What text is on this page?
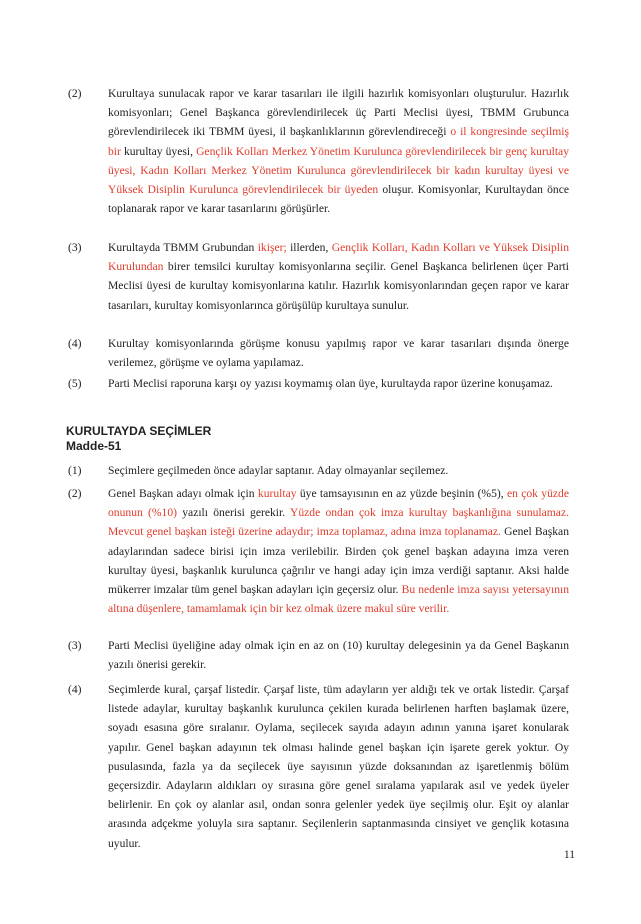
(2)	Kurultaya sunulacak rapor ve karar tasarıları ile ilgili hazırlık komisyonları oluşturulur. Hazırlık komisyonları; Genel Başkanca görevlendirilecek üç Parti Meclisi üyesi, TBMM Grubunca görevlendirilecek iki TBMM üyesi, il başkanlıklarının görevlendireceği o il kongresinde seçilmiş bir kurultay üyesi, Gençlik Kolları Merkez Yönetim Kurulunca görevlendirilecek bir genç kurultay üyesi, Kadın Kolları Merkez Yönetim Kurulunca görevlendirilecek bir kadın kurultay üyesi ve Yüksek Disiplin Kurulunca görevlendirilecek bir üyeden oluşur. Komisyonlar, Kurultaydan önce toplanarak rapor ve karar tasarılarını görüşürler.
(3)	Kurultayda TBMM Grubundan ikişer; illerden, Gençlik Kolları, Kadın Kolları ve Yüksek Disiplin Kurulundan birer temsilci kurultay komisyonlarına seçilir. Genel Başkanca belirlenen üçer Parti Meclisi üyesi de kurultay komisyonlarına katılır. Hazırlık komisyonlarından geçen rapor ve karar tasarıları, kurultay komisyonlarınca görüşülüp kurultaya sunulur.
(4)	Kurultay komisyonlarında görüşme konusu yapılmış rapor ve karar tasarıları dışında önerge verilemez, görüşme ve oylama yapılamaz.
(5)	Parti Meclisi raporuna karşı oy yazısı koymamış olan üye, kurultayda rapor üzerine konuşamaz.
KURULTAYDA SEÇİMLER
Madde-51
(1)	Seçimlere geçilmeden önce adaylar saptanır. Aday olmayanlar seçilemez.
(2)	Genel Başkan adayı olmak için kurultay üye tamsayısının en az yüzde beşinin (%5), en çok yüzde onunun (%10) yazılı önerisi gerekir. Yüzde ondan çok imza kurultay başkanlığına sunulamaz. Mevcut genel başkan isteği üzerine adaydır; imza toplamaz, adına imza toplanamaz. Genel Başkan adaylarından sadece birisi için imza verilebilir. Birden çok genel başkan adayına imza veren kurultay üyesi, başkanlık kurulunca çağrılır ve hangi aday için imza verdiği saptanır. Aksi halde mükerrer imzalar tüm genel başkan adayları için geçersiz olur. Bu nedenle imza sayısı yetersayının altına düşenlere, tamamlamak için bir kez olmak üzere makul süre verilir.
(3)	Parti Meclisi üyeliğine aday olmak için en az on (10) kurultay delegesinin ya da Genel Başkanın yazılı önerisi gerekir.
(4)	Seçimlerde kural, çarşaf listedir. Çarşaf liste, tüm adayların yer aldığı tek ve ortak listedir. Çarşaf listede adaylar, kurultay başkanlık kurulunca çekilen kurada belirlenen harften başlamak üzere, soyadı esasına göre sıralanır. Oylama, seçilecek sayıda adayın adının yanına işaret konularak yapılır. Genel başkan adayının tek olması halinde genel başkan için işarete gerek yoktur. Oy pusulasında, fazla ya da seçilecek üye sayısının yüzde doksanından az işaretlenmiş bölüm geçersizdir. Adayların aldıkları oy sırasına göre genel sıralama yapılarak asıl ve yedek üyeler belirlenir. En çok oy alanlar asıl, ondan sonra gelenler yedek üye seçilmiş olur. Eşit oy alanlar arasında adçekme yoluyla sıra saptanır. Seçilenlerin saptanmasında cinsiyet ve gençlik kotasına uyulur.
11
